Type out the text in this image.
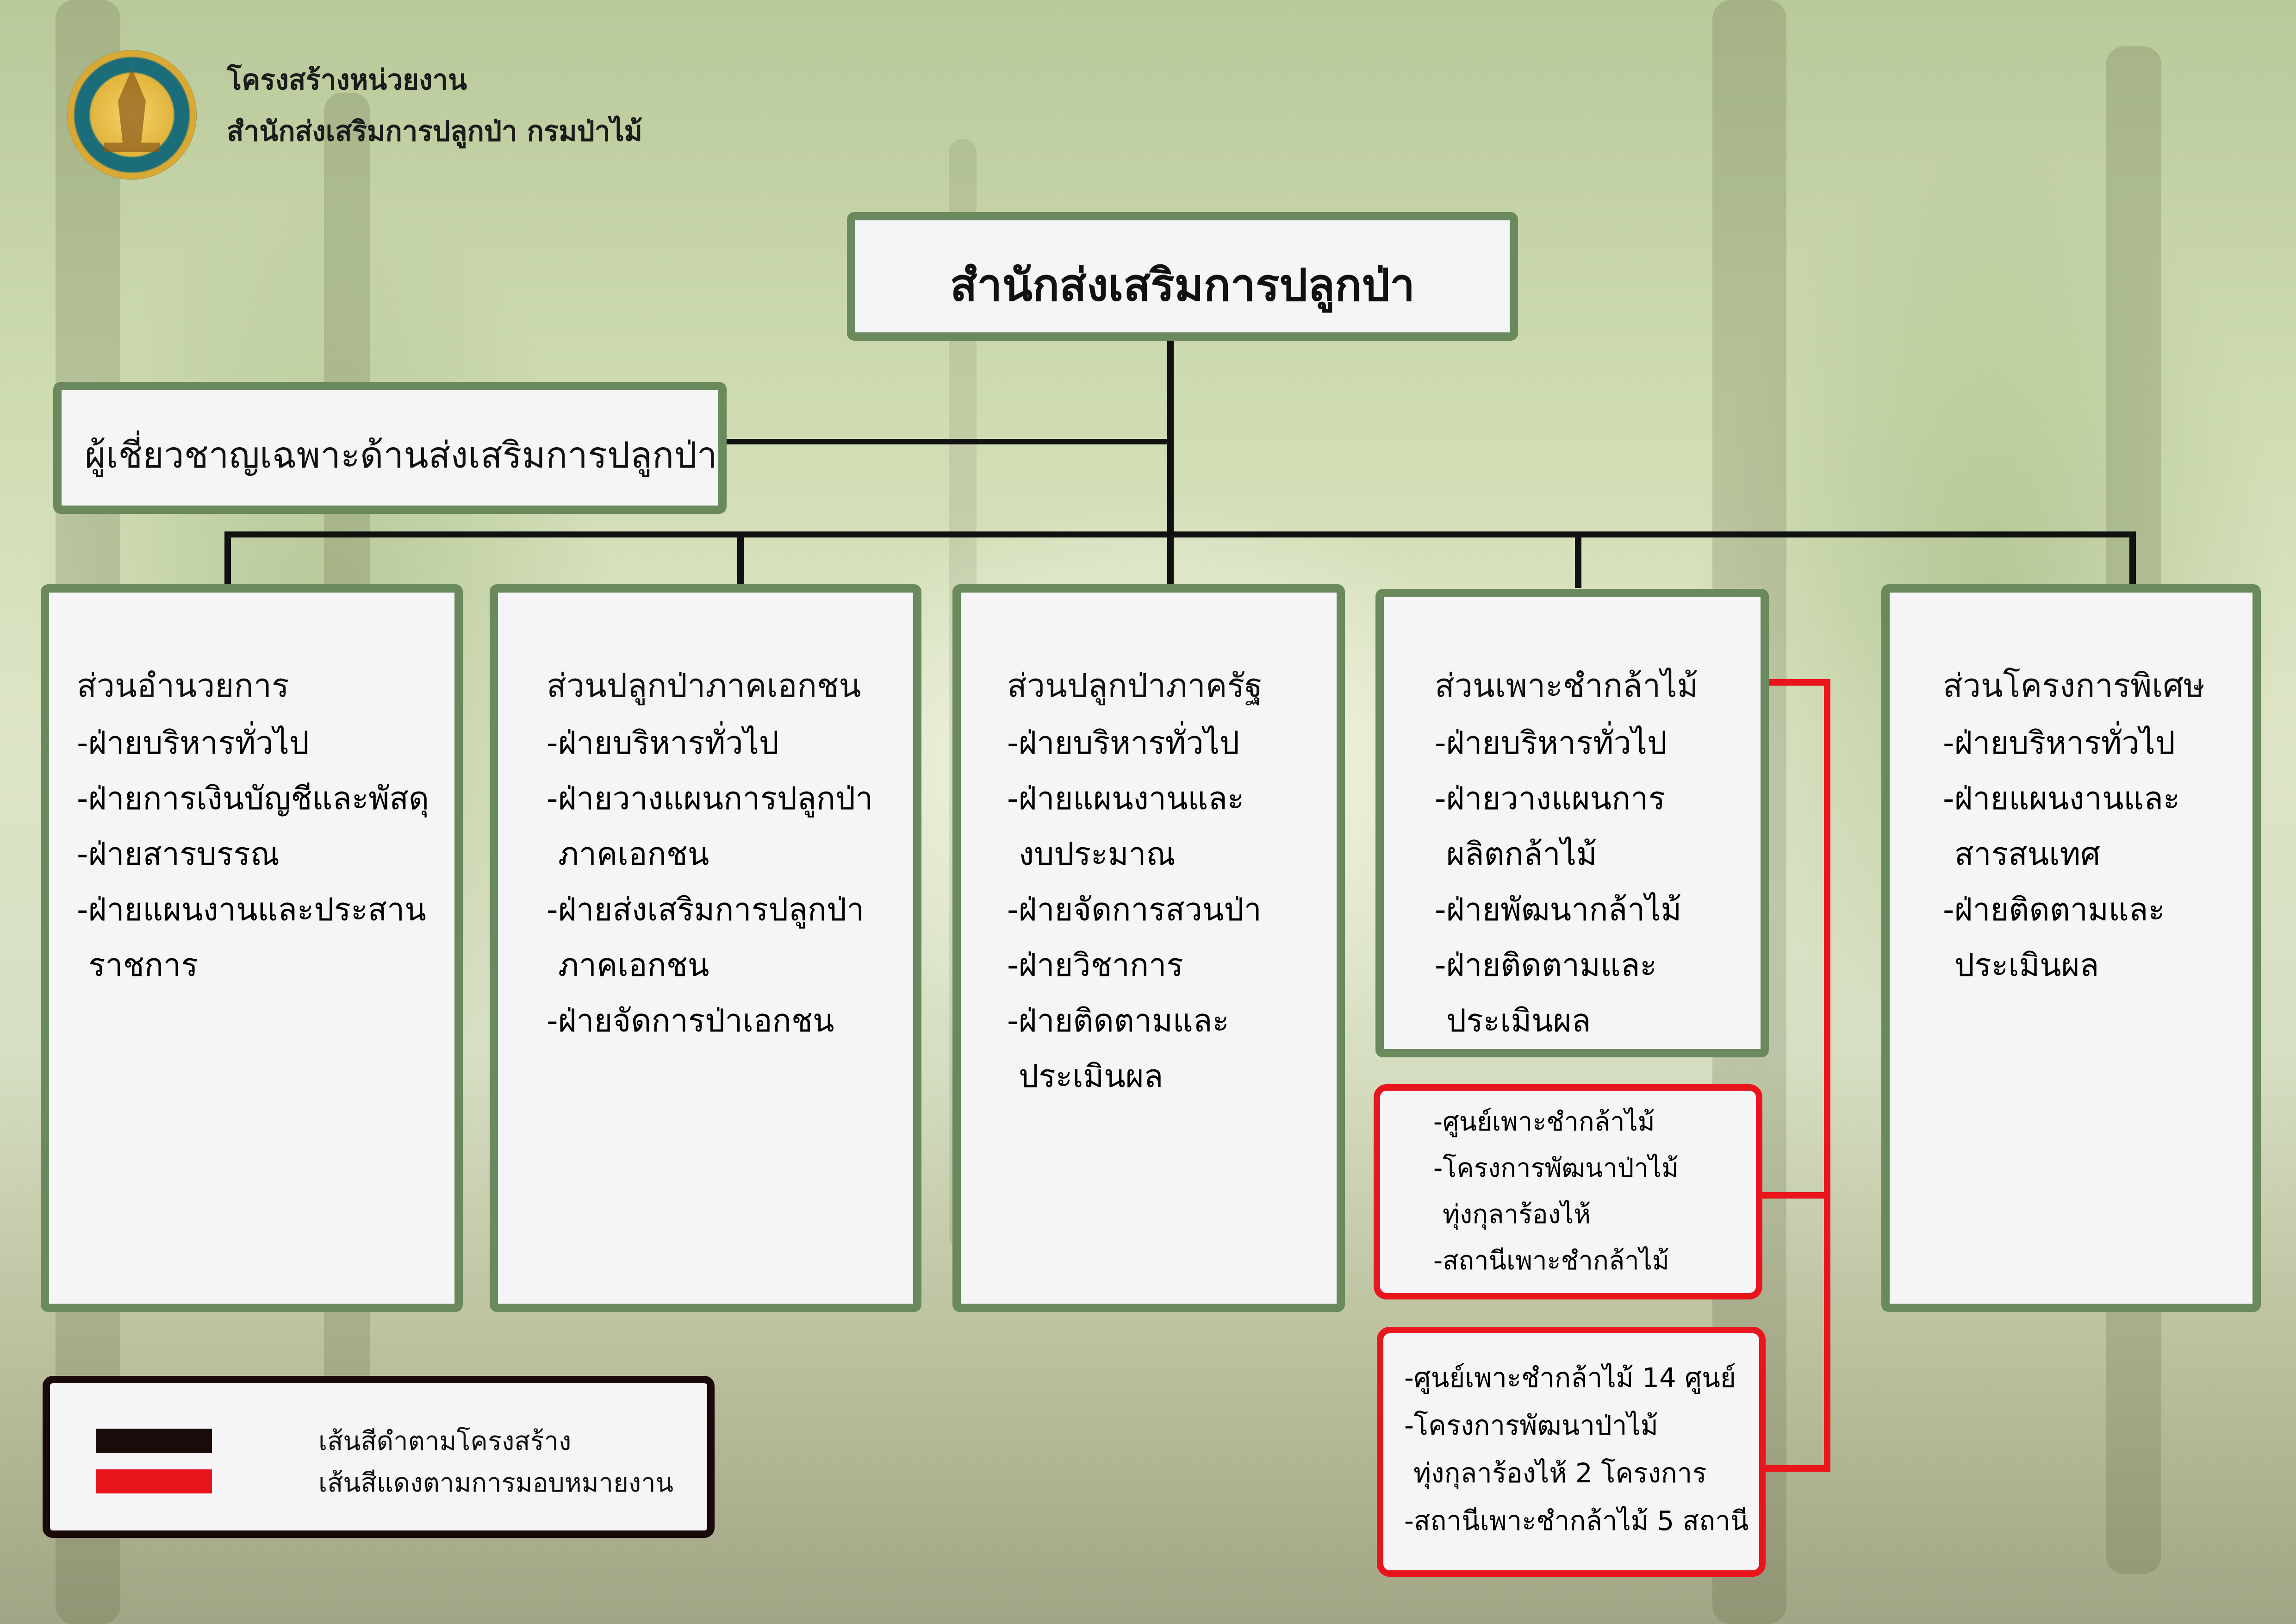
โครงสร้างหน่วยงาน
สำนักส่งเสริมการปลูกป่า กรมป่าไม้
สำนักส่งเสริมการปลูกป่า
ผู้เชี่ยวชาญเฉพาะด้านส่งเสริมการปลูกป่า
ส่วนอำนวยการ
-ฝ่ายบริหารทั่วไป
-ฝ่ายการเงินบัญชีและพัสดุ
-ฝ่ายสารบรรณ
-ฝ่ายแผนงานและประสาน
ราชการ
ส่วนปลูกป่าภาคเอกชน
-ฝ่ายบริหารทั่วไป
-ฝ่ายวางแผนการปลูกป่า
ภาคเอกชน
-ฝ่ายส่งเสริมการปลูกป่า
ภาคเอกชน
-ฝ่ายจัดการป่าเอกชน
ส่วนปลูกป่าภาครัฐ
-ฝ่ายบริหารทั่วไป
-ฝ่ายแผนงานและ
งบประมาณ
-ฝ่ายจัดการสวนป่า
-ฝ่ายวิชาการ
-ฝ่ายติดตามและ
ประเมินผล
ส่วนเพาะชำกล้าไม้
-ฝ่ายบริหารทั่วไป
-ฝ่ายวางแผนการ
ผลิตกล้าไม้
-ฝ่ายพัฒนากล้าไม้
-ฝ่ายติดตามและ
ประเมินผล
ส่วนโครงการพิเศษ
-ฝ่ายบริหารทั่วไป
-ฝ่ายแผนงานและ
สารสนเทศ
-ฝ่ายติดตามและ
ประเมินผล
-ศูนย์เพาะชำกล้าไม้
-โครงการพัฒนาป่าไม้
ทุ่งกุลาร้องไห้
-สถานีเพาะชำกล้าไม้
-ศูนย์เพาะชำกล้าไม้ 14 ศูนย์
-โครงการพัฒนาป่าไม้
ทุ่งกุลาร้องไห้ 2 โครงการ
-สถานีเพาะชำกล้าไม้ 5 สถานี
เส้นสีดำตามโครงสร้าง
เส้นสีแดงตามการมอบหมายงาน
